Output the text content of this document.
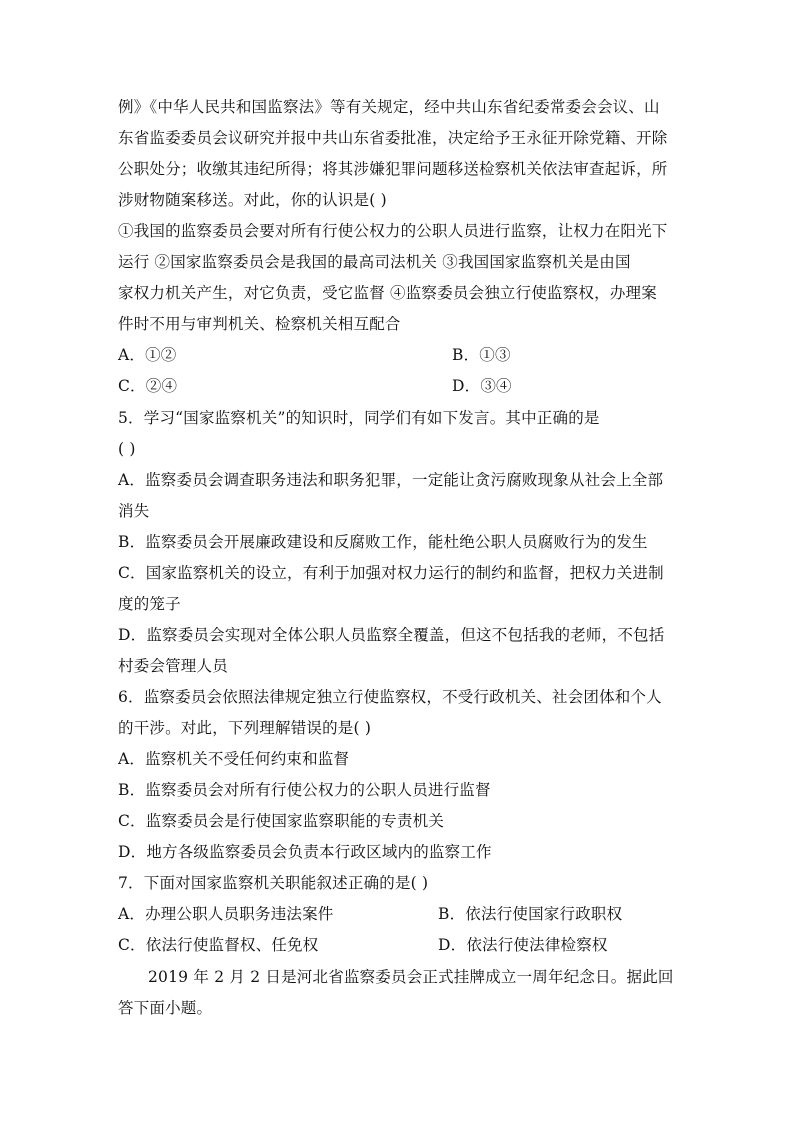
例》《中华人民共和国监察法》等有关规定，经中共山东省纪委常委会会议、山
东省监委委员会议研究并报中共山东省委批准，决定给予王永征开除党籍、开除
公职处分；收缴其违纪所得；将其涉嫌犯罪问题移送检察机关依法审查起诉，所
涉财物随案移送。对此，你的认识是( )
①我国的监察委员会要对所有行使公权力的公职人员进行监察，让权力在阳光下
运行 ②国家监察委员会是我国的最高司法机关 ③我国国家监察机关是由国
家权力机关产生，对它负责，受它监督 ④监察委员会独立行使监察权，办理案
件时不用与审判机关、检察机关相互配合
A．①②	B．①③
C．②④	D．③④
5．学习“国家监察机关”的知识时，同学们有如下发言。其中正确的是
( )
A．监察委员会调查职务违法和职务犯罪，一定能让贪污腐败现象从社会上全部
消失
B．监察委员会开展廉政建设和反腐败工作，能杜绝公职人员腐败行为的发生
C．国家监察机关的设立，有利于加强对权力运行的制约和监督，把权力关进制
度的笼子
D．监察委员会实现对全体公职人员监察全覆盖，但这不包括我的老师，不包括
村委会管理人员
6．监察委员会依照法律规定独立行使监察权，不受行政机关、社会团体和个人
的干涉。对此，下列理解错误的是( )
A．监察机关不受任何约束和监督
B．监察委员会对所有行使公权力的公职人员进行监督
C．监察委员会是行使国家监察职能的专责机关
D．地方各级监察委员会负责本行政区域内的监察工作
7．下面对国家监察机关职能叙述正确的是( )
A．办理公职人员职务违法案件	B．依法行使国家行政职权
C．依法行使监督权、任免权	D．依法行使法律检察权
2019 年 2 月 2 日是河北省监察委员会正式挂牌成立一周年纪念日。据此回
答下面小题。
